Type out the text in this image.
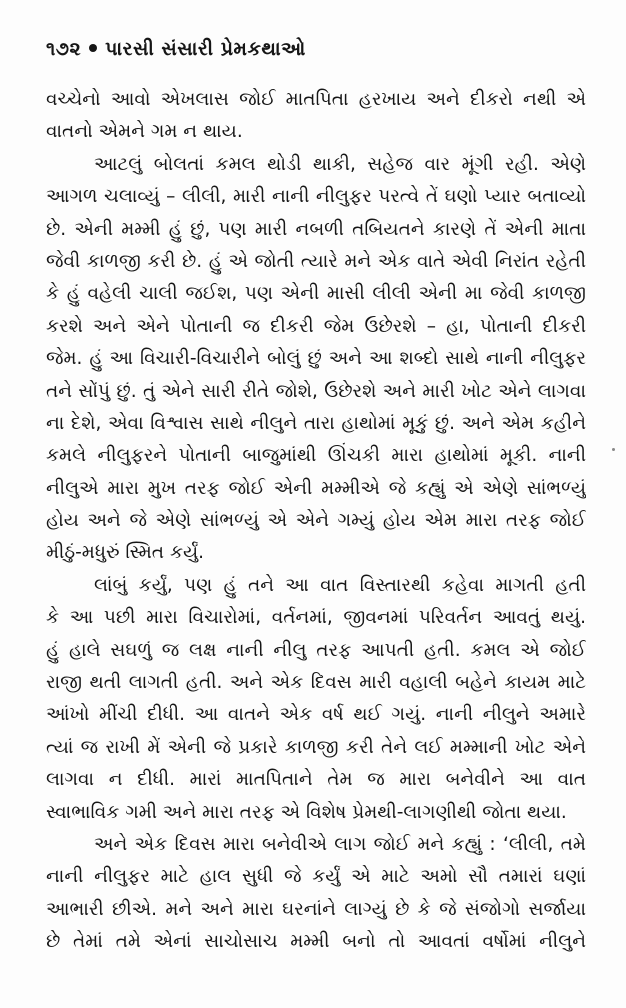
૧૭૨ પારસી સંસારી પ્રેમકથાઓ
વચ્ચેનો આવો એખલાસ જોઈ માતપિતા હરખાય અને દીકરો નથી એ
વાતનો એમને ગમ ન થાય.
આટલું બોલતાં કમલ થોડી થાકી, સહેજ વાર મૂંગી રહી. એણે
આગળ ચલાવ્યું – લીલી, મારી નાની નીલુફર પરત્વે તેં ઘણો પ્યાર બતાવ્યો
છે. એની મમ્મી હું છું, પણ મારી નબળી તબિયતને કારણે તેં એની માતા
જેવી કાળજી કરી છે. હું એ જોતી ત્યારે મને એક વાતે એવી નિરાંત રહેતી
કે હું વહેલી ચાલી જઈશ, પણ એની માસી લીલી એની મા જેવી કાળજી
કરશે અને એને પોતાની જ દીકરી જેમ ઉછેરશે – હા, પોતાની દીકરી
જેમ. હું આ વિચારી-વિચારીને બોલું છું અને આ શબ્દો સાથે નાની નીલુફર
તને સોંપું છું. તું એને સારી રીતે જોશે, ઉછેરશે અને મારી ખોટ એને લાગવા
ના દેશે, એવા વિશ્વાસ સાથે નીલુને તારા હાથોમાં મૂકું છું. અને એમ કહીને
કમલે નીલુફરને પોતાની બાજુમાંથી ઊંચકી મારા હાથોમાં મૂકી. નાની
નીલુએ મારા મુખ તરફ જોઈ એની મમ્મીએ જે કહ્યું એ એણે સાંભળ્યું
હોય અને જે એણે સાંભળ્યું એ એને ગમ્યું હોય એમ મારા તરફ જોઈ
મીઠું-મધુરું સ્મિત કર્યું.
લાંબું કર્યું, પણ હું તને આ વાત વિસ્તારથી કહેવા માગતી હતી
કે આ પછી મારા વિચારોમાં, વર્તનમાં, જીવનમાં પરિવર્તન આવતું થયું.
હું હાલે સઘળું જ લક્ષ નાની નીલુ તરફ આપતી હતી. કમલ એ જોઈ
રાજી થતી લાગતી હતી. અને એક દિવસ મારી વહાલી બહેને કાયમ માટે
આંખો મીંચી દીધી. આ વાતને એક વર્ષ થઈ ગયું. નાની નીલુને અમારે
ત્યાં જ રાખી મેં એની જે પ્રકારે કાળજી કરી તેને લઈ મમ્માની ખોટ એને
લાગવા ન દીધી. મારાં માતપિતાને તેમ જ મારા બનેવીને આ વાત
સ્વાભાવિક ગમી અને મારા તરફ એ વિશેષ પ્રેમથી-લાગણીથી જોતા થયા.
અને એક દિવસ મારા બનેવીએ લાગ જોઈ મને કહ્યું : ‘લીલી, તમે
નાની નીલુફર માટે હાલ સુધી જે કર્યું એ માટે અમો સૌ તમારાં ઘણાં
આભારી છીએ. મને અને મારા ઘરનાંને લાગ્યું છે કે જે સંજોગો સર્જાયા
છે તેમાં તમે એનાં સાચોસાચ મમ્મી બનો તો આવતાં વર્ષોમાં નીલુને
